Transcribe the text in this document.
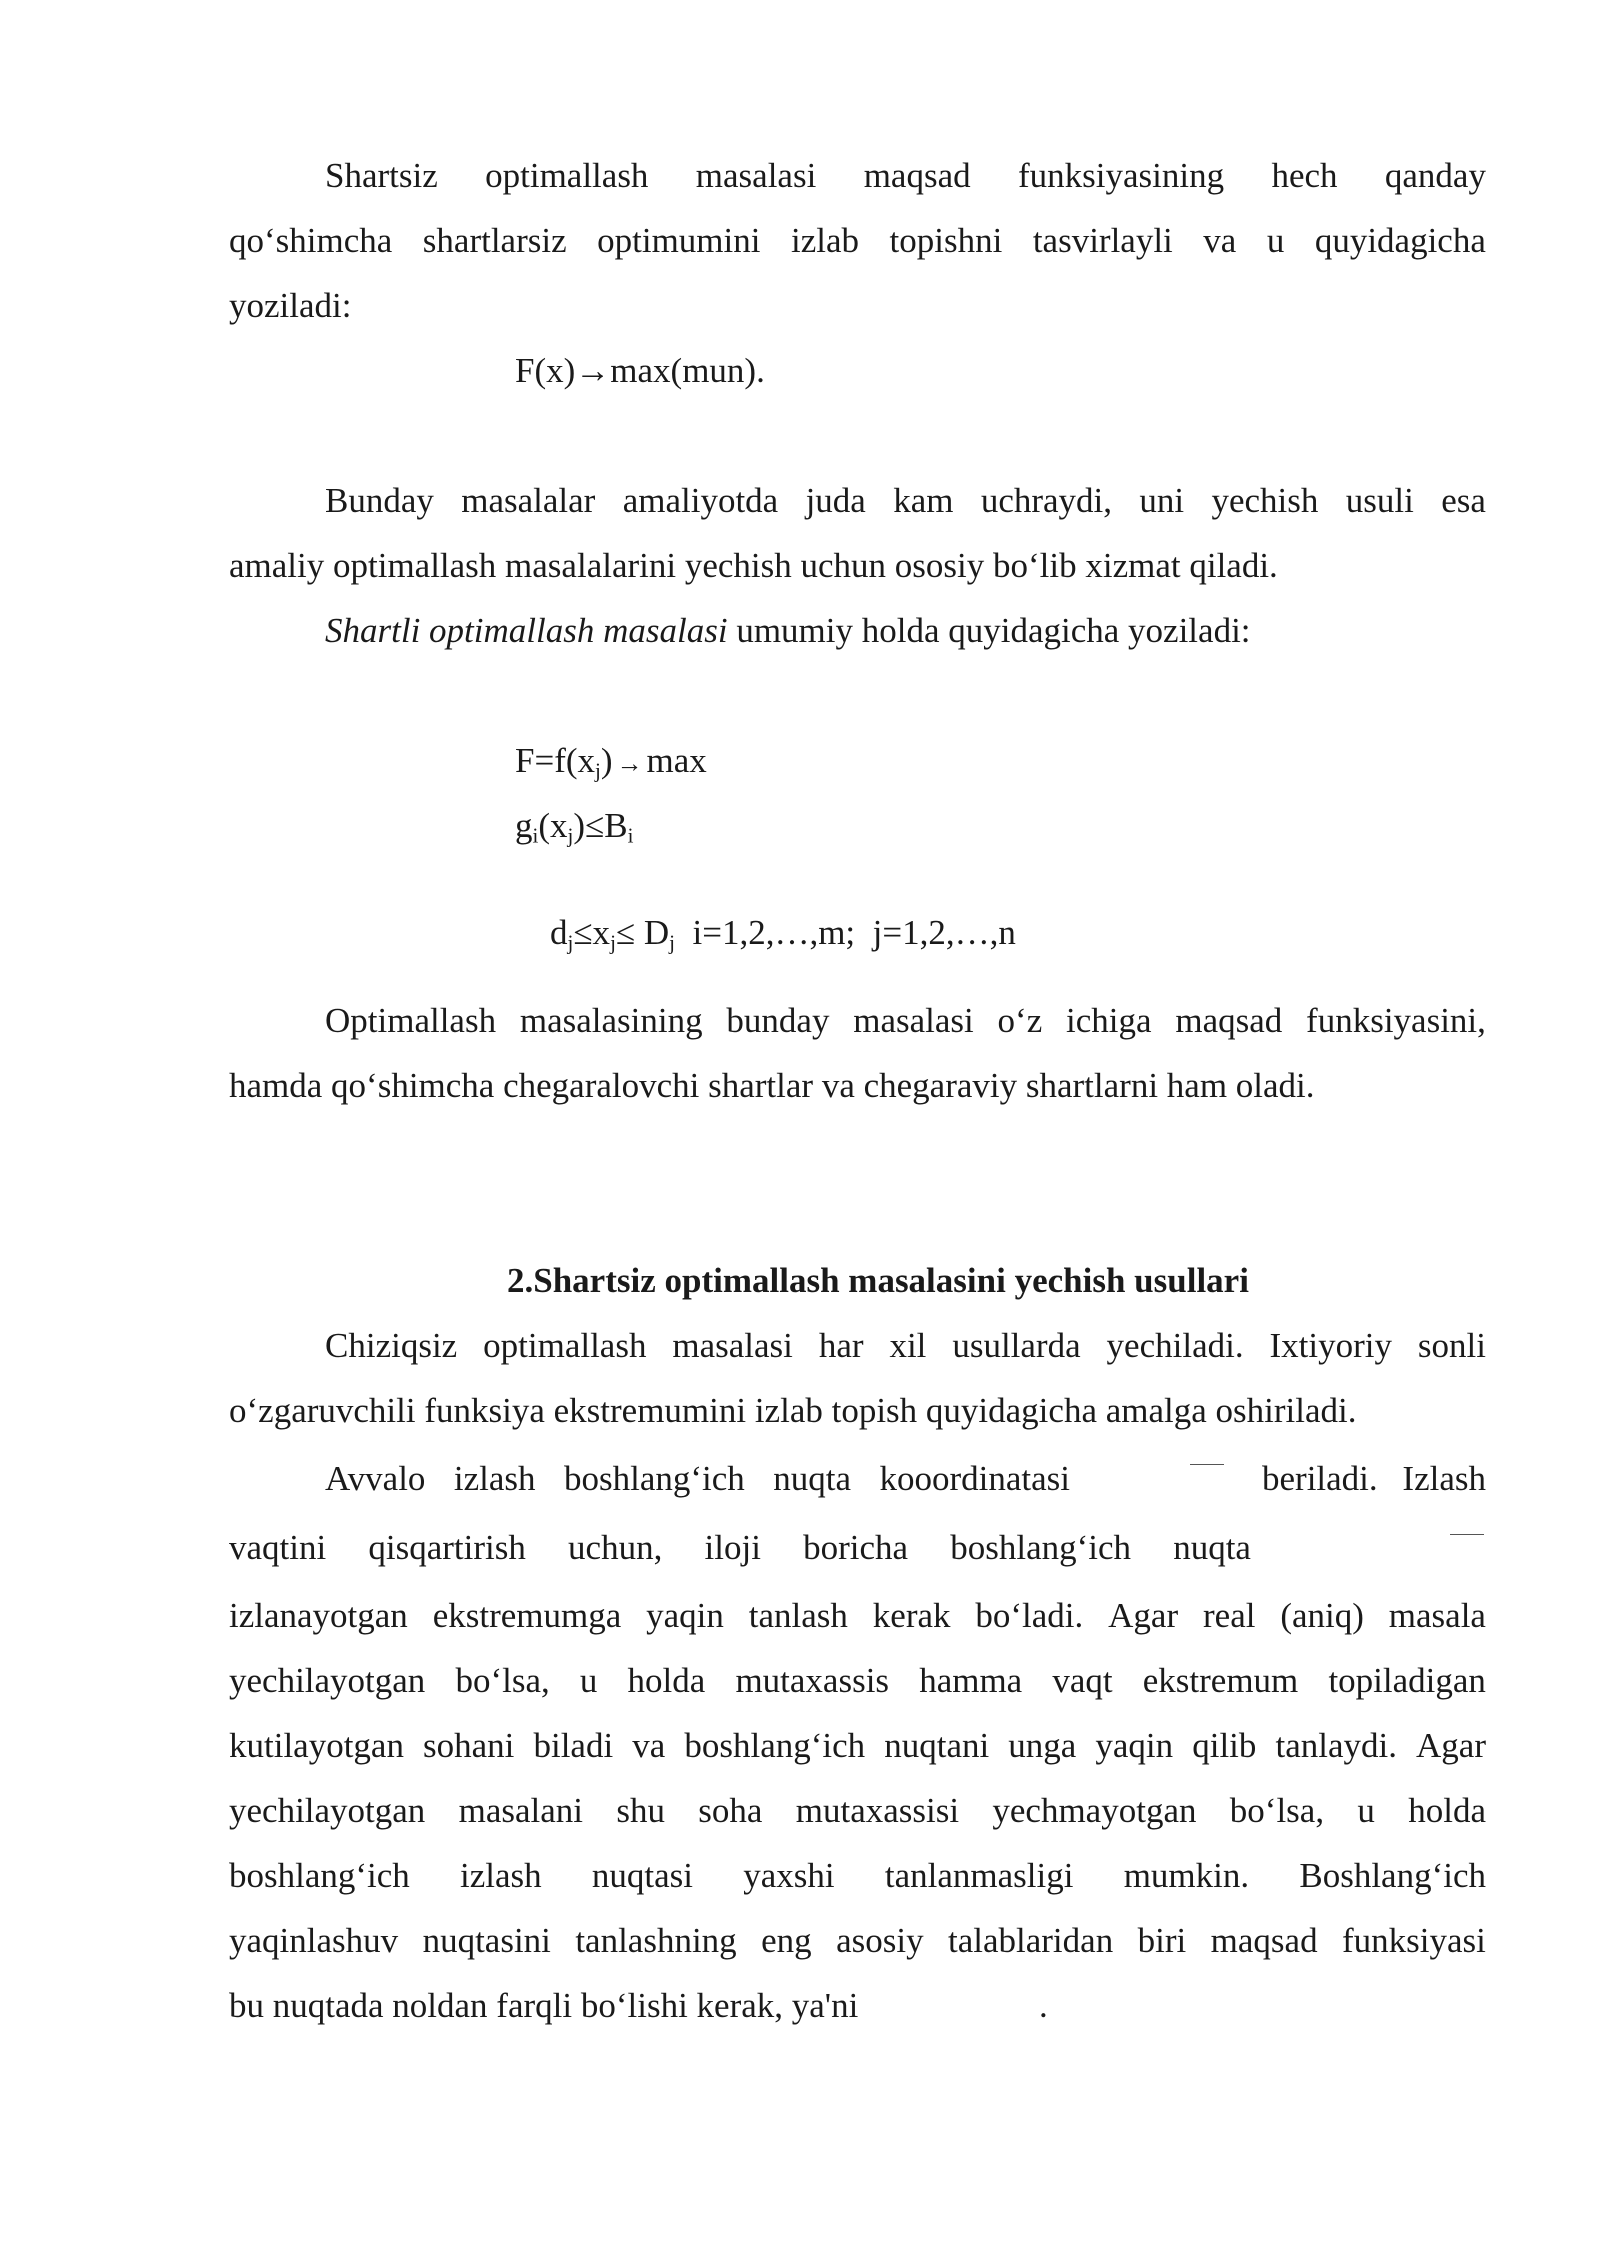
Shartsiz optimallash masalasi maqsad funksiyasining hech qanday
qo‘shimcha shartlarsiz optimumini izlab topishni tasvirlayli va u quyidagicha
yoziladi:
F(x)→max(mun).
Bunday masalalar amaliyotda juda kam uchraydi, uni yechish usuli esa
amaliy optimallash masalalarini yechish uchun ososiy bo‘lib xizmat qiladi.
Shartli optimallash masalasi umumiy holda quyidagicha yoziladi:
$F=f(x_j) \to \max$
$g_i(x_j)\le B_i$

$d_j\le x_j\le D_j$  i=1,2,…,m;  j=1,2,…,n

Optimallash masalasining bunday masalasi o‘z ichiga maqsad funksiyasini,
hamda qo‘shimcha chegaralovchi shartlar va chegaraviy shartlarni ham oladi.
2.Shartsiz optimallash masalasini yechish usullari
Chiziqsiz optimallash masalasi har xil usullarda yechiladi. Ixtiyoriy sonli
o‘zgaruvchili funksiya ekstremumini izlab topish quyidagicha amalga oshiriladi.
Avvalo izlash boshlang‘ich nuqta kooordinatasi	beriladi. Izlash
vaqtini qisqartirish uchun, iloji boricha boshlang‘ich nuqta
izlanayotgan ekstremumga yaqin tanlash kerak bo‘ladi. Agar real (aniq) masala
yechilayotgan bo‘lsa, u holda mutaxassis hamma vaqt ekstremum topiladigan
kutilayotgan sohani biladi va boshlang‘ich nuqtani unga yaqin qilib tanlaydi. Agar
yechilayotgan masalani shu soha mutaxassisi yechmayotgan bo‘lsa, u holda
boshlang‘ich izlash nuqtasi yaxshi tanlanmasligi mumkin. Boshlang‘ich
yaqinlashuv nuqtasini tanlashning eng asosiy talablaridan biri maqsad funksiyasi
bu nuqtada noldan farqli bo‘lishi kerak, ya'ni	.
